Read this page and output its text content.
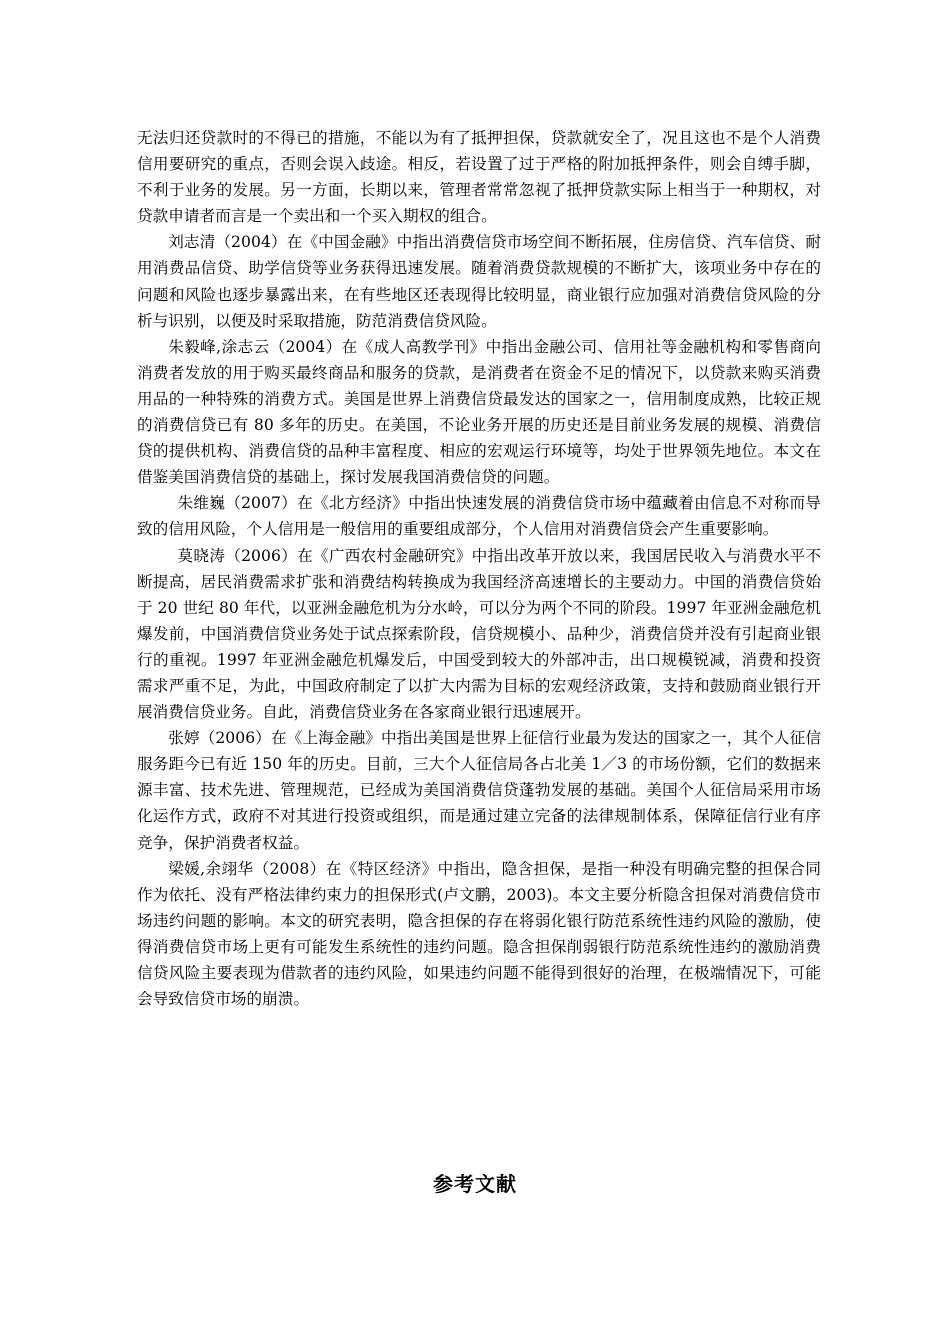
无法归还贷款时的不得已的措施，不能以为有了抵押担保，贷款就安全了，况且这也不是个人消费信用要研究的重点，否则会误入歧途。相反，若设置了过于严格的附加抵押条件，则会自缚手脚，不利于业务的发展。另一方面，长期以来，管理者常常忽视了抵押贷款实际上相当于一种期权，对贷款申请者而言是一个卖出和一个买入期权的组合。

刘志清（2004）在《中国金融》中指出消费信贷市场空间不断拓展，住房信贷、汽车信贷、耐用消费品信贷、助学信贷等业务获得迅速发展。随着消费贷款规模的不断扩大，该项业务中存在的问题和风险也逐步暴露出来，在有些地区还表现得比较明显，商业银行应加强对消费信贷风险的分析与识别，以便及时采取措施，防范消费信贷风险。

朱毅峰,涂志云（2004）在《成人高教学刊》中指出金融公司、信用社等金融机构和零售商向消费者发放的用于购买最终商品和服务的贷款，是消费者在资金不足的情况下，以贷款来购买消费用品的一种特殊的消费方式。美国是世界上消费信贷最发达的国家之一，信用制度成熟，比较正规的消费信贷已有 80 多年的历史。在美国，不论业务开展的历史还是目前业务发展的规模、消费信贷的提供机构、消费信贷的品种丰富程度、相应的宏观运行环境等，均处于世界领先地位。本文在借鉴美国消费信贷的基础上，探讨发展我国消费信贷的问题。

朱维巍（2007）在《北方经济》中指出快速发展的消费信贷市场中蕴藏着由信息不对称而导致的信用风险，个人信用是一般信用的重要组成部分，个人信用对消费信贷会产生重要影响。

莫晓涛（2006）在《广西农村金融研究》中指出改革开放以来，我国居民收入与消费水平不断提高，居民消费需求扩张和消费结构转换成为我国经济高速增长的主要动力。中国的消费信贷始于 20 世纪 80 年代，以亚洲金融危机为分水岭，可以分为两个不同的阶段。1997 年亚洲金融危机爆发前，中国消费信贷业务处于试点探索阶段，信贷规模小、品种少，消费信贷并没有引起商业银行的重视。1997 年亚洲金融危机爆发后，中国受到较大的外部冲击，出口规模锐减，消费和投资需求严重不足，为此，中国政府制定了以扩大内需为目标的宏观经济政策，支持和鼓励商业银行开展消费信贷业务。自此，消费信贷业务在各家商业银行迅速展开。

张婷（2006）在《上海金融》中指出美国是世界上征信行业最为发达的国家之一，其个人征信服务距今已有近 150 年的历史。目前，三大个人征信局各占北美 1／3 的市场份额，它们的数据来源丰富、技术先进、管理规范，已经成为美国消费信贷蓬勃发展的基础。美国个人征信局采用市场化运作方式，政府不对其进行投资或组织，而是通过建立完备的法律规制体系，保障征信行业有序竞争，保护消费者权益。

梁媛,余翊华（2008）在《特区经济》中指出，隐含担保，是指一种没有明确完整的担保合同作为依托、没有严格法律约束力的担保形式(卢文鹏，2003)。本文主要分析隐含担保对消费信贷市场违约问题的影响。本文的研究表明，隐含担保的存在将弱化银行防范系统性违约风险的激励，使得消费信贷市场上更有可能发生系统性的违约问题。隐含担保削弱银行防范系统性违约的激励消费信贷风险主要表现为借款者的违约风险，如果违约问题不能得到很好的治理，在极端情况下，可能会导致信贷市场的崩溃。

参考文献
